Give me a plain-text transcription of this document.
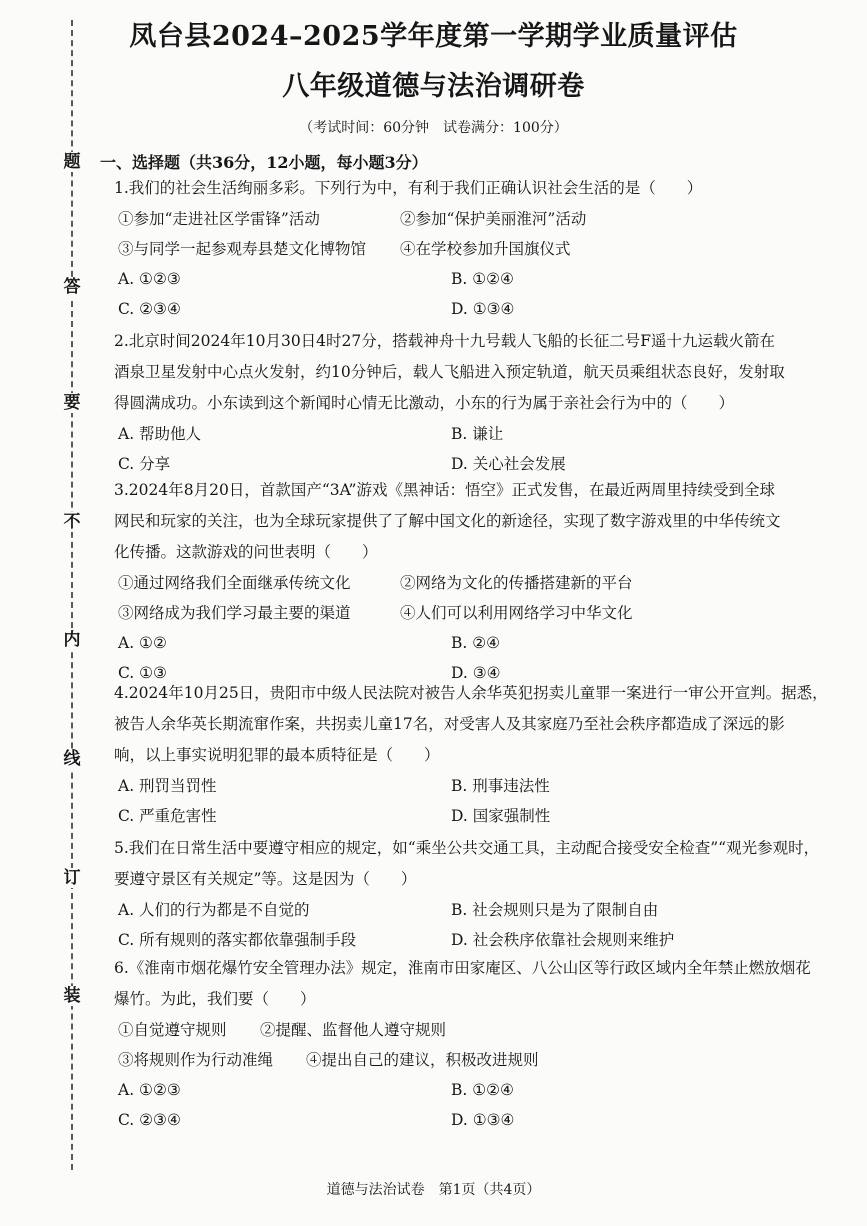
题
答
要
不
内
线
订
装
凤台县2024–2025学年度第一学期学业质量评估
八年级道德与法治调研卷
（考试时间：60分钟　试卷满分：100分）
一、选择题（共36分，12小题，每小题3分）
1.我们的社会生活绚丽多彩。下列行为中，有利于我们正确认识社会生活的是（　　）
①参加“走进社区学雷锋”活动	②参加“保护美丽淮河”活动
③与同学一起参观寿县楚文化博物馆 ④在学校参加升国旗仪式
A. ①②③	B. ①②④
C. ②③④	D. ①③④
2.北京时间2024年10月30日4时27分，搭载神舟十九号载人飞船的长征二号F遥十九运载火箭在
酒泉卫星发射中心点火发射，约10分钟后，载人飞船进入预定轨道，航天员乘组状态良好，发射取
得圆满成功。小东读到这个新闻时心情无比激动，小东的行为属于亲社会行为中的（　　）
A. 帮助他人	B. 谦让
C. 分享	D. 关心社会发展
3.2024年8月20日，首款国产“3A”游戏《黑神话：悟空》正式发售，在最近两周里持续受到全球
网民和玩家的关注，也为全球玩家提供了了解中国文化的新途径，实现了数字游戏里的中华传统文
化传播。这款游戏的问世表明（　　）
①通过网络我们全面继承传统文化	②网络为文化的传播搭建新的平台
③网络成为我们学习最主要的渠道	④人们可以利用网络学习中华文化
A. ①②	B. ②④
C. ①③	D. ③④
4.2024年10月25日，贵阳市中级人民法院对被告人余华英犯拐卖儿童罪一案进行一审公开宣判。据悉，
被告人余华英长期流窜作案，共拐卖儿童17名，对受害人及其家庭乃至社会秩序都造成了深远的影
响，以上事实说明犯罪的最本质特征是（　　）
A. 刑罚当罚性	B. 刑事违法性
C. 严重危害性	D. 国家强制性
5.我们在日常生活中要遵守相应的规定，如“乘坐公共交通工具，主动配合接受安全检查”“观光参观时，
要遵守景区有关规定”等。这是因为（　　）
A. 人们的行为都是不自觉的	B. 社会规则只是为了限制自由
C. 所有规则的落实都依靠强制手段	D. 社会秩序依靠社会规则来维护
6.《淮南市烟花爆竹安全管理办法》规定，淮南市田家庵区、八公山区等行政区域内全年禁止燃放烟花
爆竹。为此，我们要（　　）
①自觉遵守规则 ②提醒、监督他人遵守规则
③将规则作为行动准绳 ④提出自己的建议，积极改进规则
A. ①②③	B. ①②④
C. ②③④	D. ①③④
道德与法治试卷　第1页（共4页）
